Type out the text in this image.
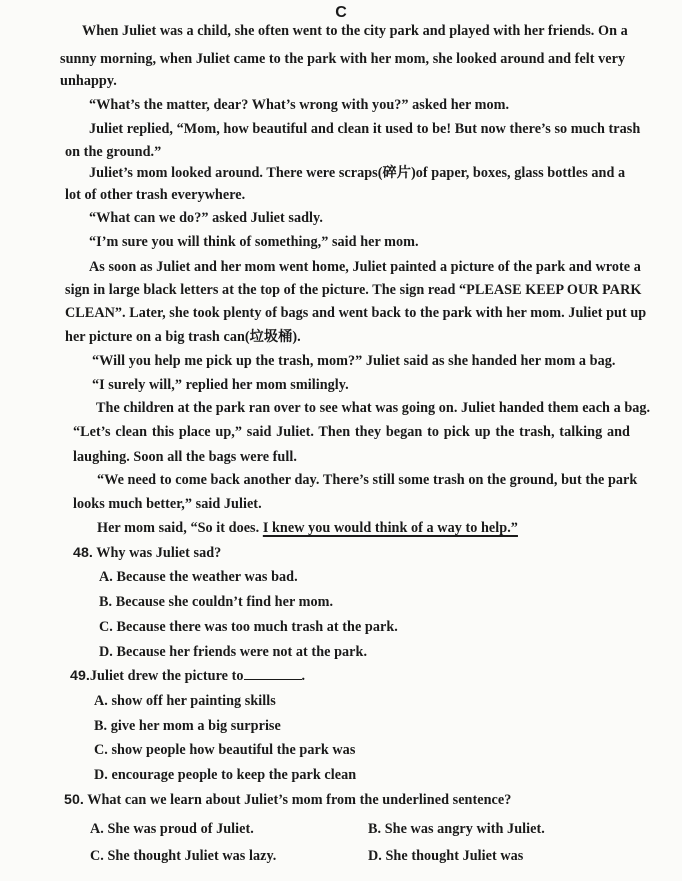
C
When Juliet was a child, she often went to the city park and played with her friends. On a
sunny morning, when Juliet came to the park with her mom, she looked around and felt very
unhappy.
“What’s the matter, dear? What’s wrong with you?” asked her mom.
Juliet replied, “Mom, how beautiful and clean it used to be! But now there’s so much trash
on the ground.”
Juliet’s mom looked around. There were scraps(碎片)of paper, boxes, glass bottles and a
lot of other trash everywhere.
“What can we do?” asked Juliet sadly.
“I’m sure you will think of something,” said her mom.
As soon as Juliet and her mom went home, Juliet painted a picture of the park and wrote a
sign in large black letters at the top of the picture. The sign read “PLEASE KEEP OUR PARK
CLEAN”. Later, she took plenty of bags and went back to the park with her mom. Juliet put up
her picture on a big trash can(垃圾桶).
“Will you help me pick up the trash, mom?” Juliet said as she handed her mom a bag.
“I surely will,” replied her mom smilingly.
The children at the park ran over to see what was going on. Juliet handed them each a bag.
“Let’s clean this place up,” said Juliet. Then they began to pick up the trash, talking and
laughing. Soon all the bags were full.
“We need to come back another day. There’s still some trash on the ground, but the park
looks much better,” said Juliet.
Her mom said, “So it does. I knew you would think of a way to help.”
48. Why was Juliet sad?
A. Because the weather was bad.
B. Because she couldn’t find her mom.
C. Because there was too much trash at the park.
D. Because her friends were not at the park.
49.Juliet drew the picture to	.
A. show off her painting skills
B. give her mom a big surprise
C. show people how beautiful the park was
D. encourage people to keep the park clean
50. What can we learn about Juliet’s mom from the underlined sentence?
A. She was proud of Juliet.	B. She was angry with Juliet.
C. She thought Juliet was lazy.	D. She thought Juliet was
